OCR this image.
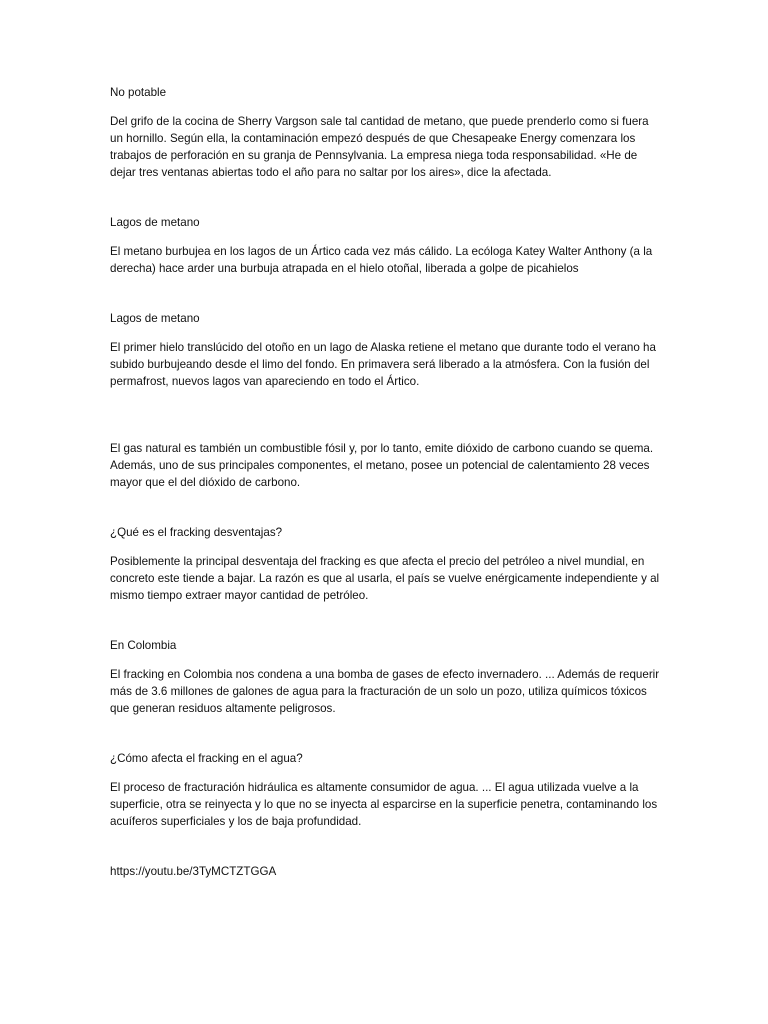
No potable

Del grifo de la cocina de Sherry Vargson sale tal cantidad de metano, que puede prenderlo como si fuera un hornillo. Según ella, la contaminación empezó después de que Chesapeake Energy comenzara los trabajos de perforación en su granja de Pennsylvania. La empresa niega toda responsabilidad. «He de dejar tres ventanas abiertas todo el año para no saltar por los aires», dice la afectada.

Lagos de metano

El metano burbujea en los lagos de un Ártico cada vez más cálido. La ecóloga Katey Walter Anthony (a la derecha) hace arder una burbuja atrapada en el hielo otoñal, liberada a golpe de picahielos

Lagos de metano

El primer hielo translúcido del otoño en un lago de Alaska retiene el metano que durante todo el verano ha subido burbujeando desde el limo del fondo. En primavera será liberado a la atmósfera. Con la fusión del permafrost, nuevos lagos van apareciendo en todo el Ártico.

El gas natural es también un combustible fósil y, por lo tanto, emite dióxido de carbono cuando se quema. Además, uno de sus principales componentes, el metano, posee un potencial de calentamiento 28 veces mayor que el del dióxido de carbono.

¿Qué es el fracking desventajas?

Posiblemente la principal desventaja del fracking es que afecta el precio del petróleo a nivel mundial, en concreto este tiende a bajar. La razón es que al usarla, el país se vuelve enérgicamente independiente y al mismo tiempo extraer mayor cantidad de petróleo.

En Colombia

El fracking en Colombia nos condena a una bomba de gases de efecto invernadero. ... Además de requerir más de 3.6 millones de galones de agua para la fracturación de un solo un pozo, utiliza químicos tóxicos que generan residuos altamente peligrosos.

¿Cómo afecta el fracking en el agua?

El proceso de fracturación hidráulica es altamente consumidor de agua. ... El agua utilizada vuelve a la superficie, otra se reinyecta y lo que no se inyecta al esparcirse en la superficie penetra, contaminando los acuíferos superficiales y los de baja profundidad.

https://youtu.be/3TyMCTZTGGA
